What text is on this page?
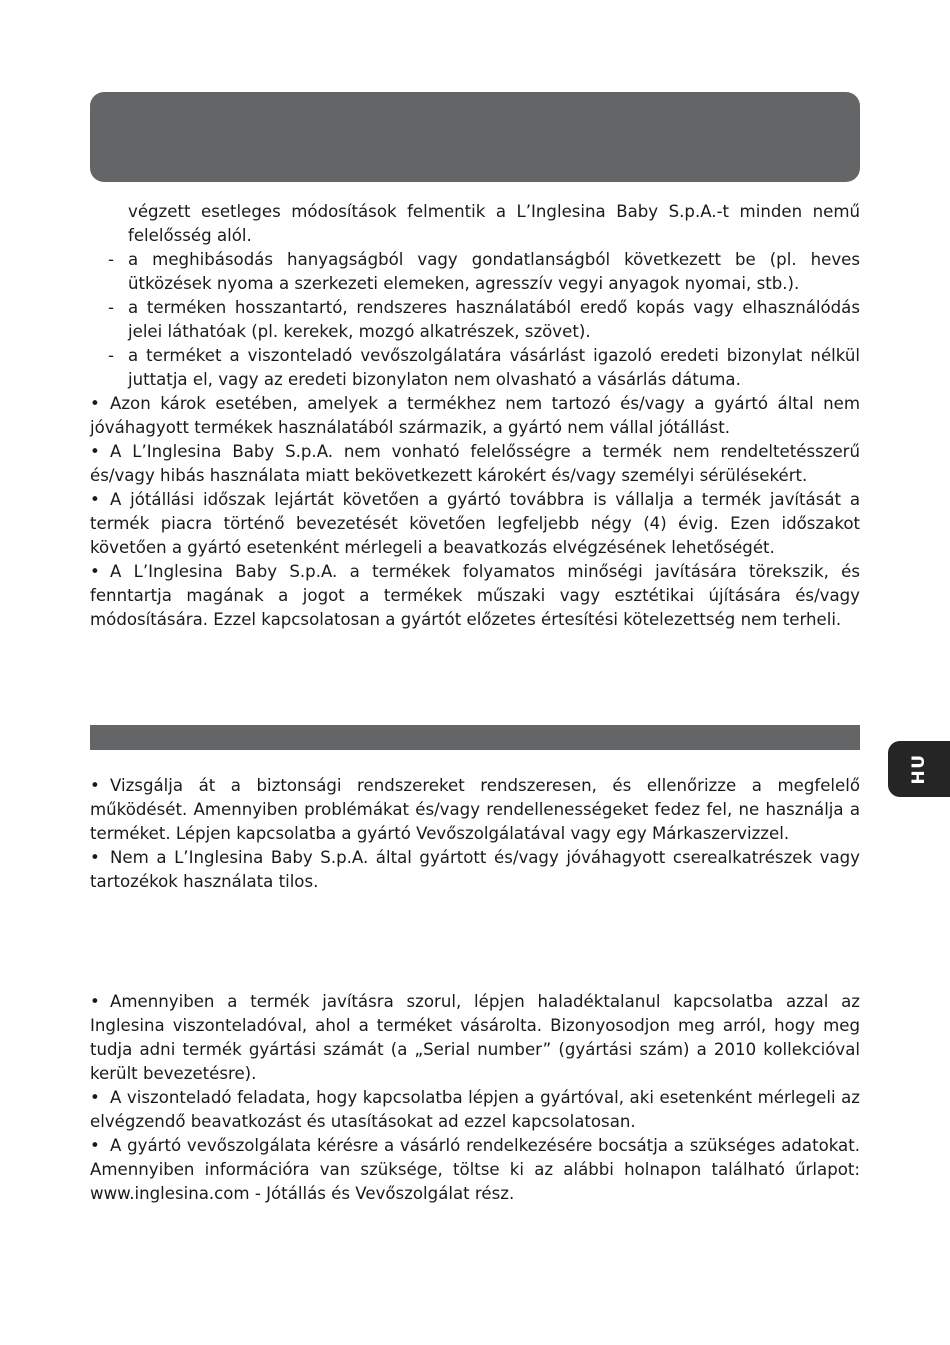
végzett esetleges módosítások felmentik a L’Inglesina Baby S.p.A.-t minden nemű felelősség alól.

- a meghibásodás hanyagságból vagy gondatlanságból következett be (pl. heves ütközések nyoma a szerkezeti elemeken, agresszív vegyi anyagok nyomai, stb.).
- a terméken hosszantartó, rendszeres használatából eredő kopás vagy elhasználódás jelei láthatóak (pl. kerekek, mozgó alkatrészek, szövet).
- a terméket a viszonteladó vevőszolgálatára vásárlást igazoló eredeti bizonylat nélkül juttatja el, vagy az eredeti bizonylaton nem olvasható a vásárlás dátuma.

• Azon károk esetében, amelyek a termékhez nem tartozó és/vagy a gyártó által nem jóváhagyott termékek használatából származik, a gyártó nem vállal jótállást.

• A L’Inglesina Baby S.p.A. nem vonható felelősségre a termék nem rendeltetésszerű és/vagy hibás használata miatt bekövetkezett károkért és/vagy személyi sérülésekért.

• A jótállási időszak lejártát követően a gyártó továbbra is vállalja a termék javítását a termék piacra történő bevezetését követően legfeljebb négy (4) évig. Ezen időszakot követően a gyártó esetenként mérlegeli a beavatkozás elvégzésének lehetőségét.

• A L’Inglesina Baby S.p.A. a termékek folyamatos minőségi javítására törekszik, és fenntartja magának a jogot a termékek műszaki vagy esztétikai újítására és/vagy módosítására. Ezzel kapcsolatosan a gyártót előzetes értesítési kötelezettség nem terheli.

HU

• Vizsgálja át a biztonsági rendszereket rendszeresen, és ellenőrizze a megfelelő működését. Amennyiben problémákat és/vagy rendellenességeket fedez fel, ne használja a terméket. Lépjen kapcsolatba a gyártó Vevőszolgálatával vagy egy Márkaszervizzel.

• Nem a L’Inglesina Baby S.p.A. által gyártott és/vagy jóváhagyott cserealkatrészek vagy tartozékok használata tilos.

• Amennyiben a termék javításra szorul, lépjen haladéktalanul kapcsolatba azzal az Inglesina viszonteladóval, ahol a terméket vásárolta. Bizonyosodjon meg arról, hogy meg tudja adni termék gyártási számát (a „Serial number” (gyártási szám) a 2010 kollekcióval került bevezetésre).

• A viszonteladó feladata, hogy kapcsolatba lépjen a gyártóval, aki esetenként mérlegeli az elvégzendő beavatkozást és utasításokat ad ezzel kapcsolatosan.

• A gyártó vevőszolgálata kérésre a vásárló rendelkezésére bocsátja a szükséges adatokat. Amennyiben információra van szüksége, töltse ki az alábbi holnapon található űrlapot: www.inglesina.com - Jótállás és Vevőszolgálat rész.
